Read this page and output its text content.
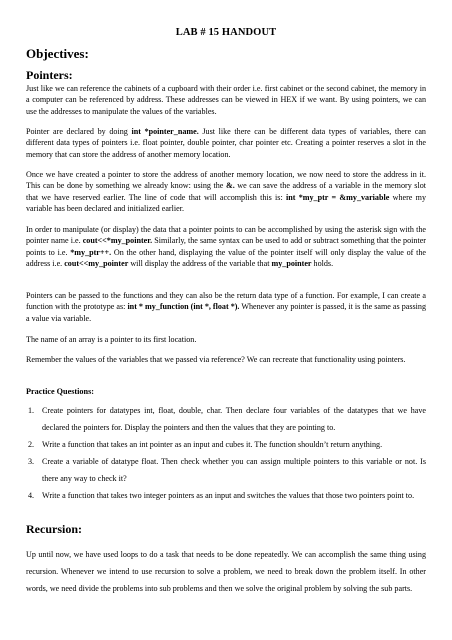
LAB # 15 HANDOUT
Objectives:
Pointers:
Just like we can reference the cabinets of a cupboard with their order i.e. first cabinet or the second cabinet, the memory in a computer can be referenced by address. These addresses can be viewed in HEX if we want. By using pointers, we can use the addresses to manipulate the values of the variables.
Pointer are declared by doing int *pointer_name. Just like there can be different data types of variables, there can different data types of pointers i.e. float pointer, double pointer, char pointer etc. Creating a pointer reserves a slot in the memory that can store the address of another memory location.
Once we have created a pointer to store the address of another memory location, we now need to store the address in it. This can be done by something we already know: using the &. we can save the address of a variable in the memory slot that we have reserved earlier. The line of code that will accomplish this is: int *my_ptr = &my_variable where my variable has been declared and initialized earlier.
In order to manipulate (or display) the data that a pointer points to can be accomplished by using the asterisk sign with the pointer name i.e. cout<<*my_pointer. Similarly, the same syntax can be used to add or subtract something that the pointer points to i.e. *my_ptr++. On the other hand, displaying the value of the pointer itself will only display the value of the address i.e. cout<<my_pointer will display the address of the variable that my_pointer holds.
Pointers can be passed to the functions and they can also be the return data type of a function. For example, I can create a function with the prototype as: int * my_function (int *, float *). Whenever any pointer is passed, it is the same as passing a value via variable.
The name of an array is a pointer to its first location.
Remember the values of the variables that we passed via reference? We can recreate that functionality using pointers.
Practice Questions:
1. Create pointers for datatypes int, float, double, char. Then declare four variables of the datatypes that we have declared the pointers for. Display the pointers and then the values that they are pointing to.
2. Write a function that takes an int pointer as an input and cubes it. The function shouldn’t return anything.
3. Create a variable of datatype float. Then check whether you can assign multiple pointers to this variable or not. Is there any way to check it?
4. Write a function that takes two integer pointers as an input and switches the values that those two pointers point to.
Recursion:
Up until now, we have used loops to do a task that needs to be done repeatedly. We can accomplish the same thing using recursion. Whenever we intend to use recursion to solve a problem, we need to break down the problem itself. In other words, we need divide the problems into sub problems and then we solve the original problem by solving the sub parts.
